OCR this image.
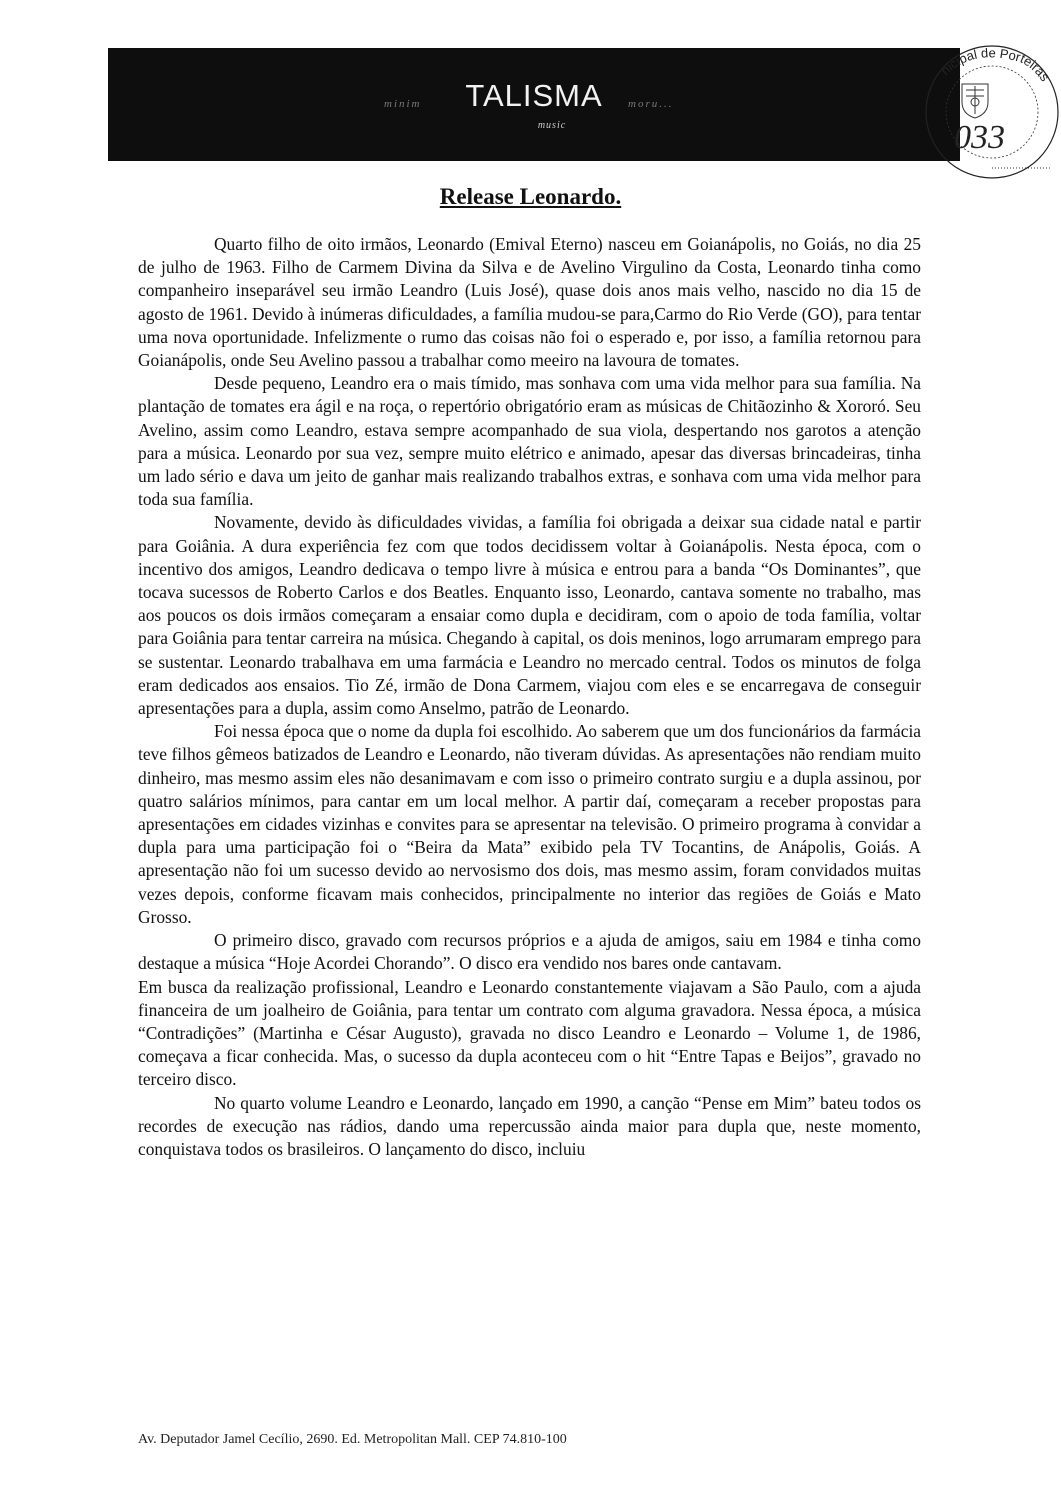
minim	TALISMA	moru...
music
nicipal de Porteiras
033
Release Leonardo.

Quarto filho de oito irmãos, Leonardo (Emival Eterno) nasceu em Goianápolis, no Goiás, no dia 25 de julho de 1963. Filho de Carmem Divina da Silva e de Avelino Virgulino da Costa, Leonardo tinha como companheiro inseparável seu irmão Leandro (Luis José), quase dois anos mais velho, nascido no dia 15 de agosto de 1961. Devido à inúmeras dificuldades, a família mudou-se para,Carmo do Rio Verde (GO), para tentar uma nova oportunidade. Infelizmente o rumo das coisas não foi o esperado e, por isso, a família retornou para Goianápolis, onde Seu Avelino passou a trabalhar como meeiro na lavoura de tomates.

Desde pequeno, Leandro era o mais tímido, mas sonhava com uma vida melhor para sua família. Na plantação de tomates era ágil e na roça, o repertório obrigatório eram as músicas de Chitãozinho & Xororó. Seu Avelino, assim como Leandro, estava sempre acompanhado de sua viola, despertando nos garotos a atenção para a música. Leonardo por sua vez, sempre muito elétrico e animado, apesar das diversas brincadeiras, tinha um lado sério e dava um jeito de ganhar mais realizando trabalhos extras, e sonhava com uma vida melhor para toda sua família.

Novamente, devido às dificuldades vividas, a família foi obrigada a deixar sua cidade natal e partir para Goiânia. A dura experiência fez com que todos decidissem voltar à Goianápolis. Nesta época, com o incentivo dos amigos, Leandro dedicava o tempo livre à música e entrou para a banda “Os Dominantes”, que tocava sucessos de Roberto Carlos e dos Beatles. Enquanto isso, Leonardo, cantava somente no trabalho, mas aos poucos os dois irmãos começaram a ensaiar como dupla e decidiram, com o apoio de toda família, voltar para Goiânia para tentar carreira na música. Chegando à capital, os dois meninos, logo arrumaram emprego para se sustentar. Leonardo trabalhava em uma farmácia e Leandro no mercado central. Todos os minutos de folga eram dedicados aos ensaios. Tio Zé, irmão de Dona Carmem, viajou com eles e se encarregava de conseguir apresentações para a dupla, assim como Anselmo, patrão de Leonardo.

Foi nessa época que o nome da dupla foi escolhido. Ao saberem que um dos funcionários da farmácia teve filhos gêmeos batizados de Leandro e Leonardo, não tiveram dúvidas. As apresentações não rendiam muito dinheiro, mas mesmo assim eles não desanimavam e com isso o primeiro contrato surgiu e a dupla assinou, por quatro salários mínimos, para cantar em um local melhor. A partir daí, começaram a receber propostas para apresentações em cidades vizinhas e convites para se apresentar na televisão. O primeiro programa à convidar a dupla para uma participação foi o “Beira da Mata” exibido pela TV Tocantins, de Anápolis, Goiás. A apresentação não foi um sucesso devido ao nervosismo dos dois, mas mesmo assim, foram convidados muitas vezes depois, conforme ficavam mais conhecidos, principalmente no interior das regiões de Goiás e Mato Grosso.

O primeiro disco, gravado com recursos próprios e a ajuda de amigos, saiu em 1984 e tinha como destaque a música “Hoje Acordei Chorando”. O disco era vendido nos bares onde cantavam.

Em busca da realização profissional, Leandro e Leonardo constantemente viajavam a São Paulo, com a ajuda financeira de um joalheiro de Goiânia, para tentar um contrato com alguma gravadora. Nessa época, a música “Contradições” (Martinha e César Augusto), gravada no disco Leandro e Leonardo – Volume 1, de 1986, começava a ficar conhecida. Mas, o sucesso da dupla aconteceu com o hit “Entre Tapas e Beijos”, gravado no terceiro disco.

No quarto volume Leandro e Leonardo, lançado em 1990, a canção “Pense em Mim” bateu todos os recordes de execução nas rádios, dando uma repercussão ainda maior para dupla que, neste momento, conquistava todos os brasileiros. O lançamento do disco, incluiu

Av. Deputador Jamel Cecílio, 2690. Ed. Metropolitan Mall. CEP 74.810-100
